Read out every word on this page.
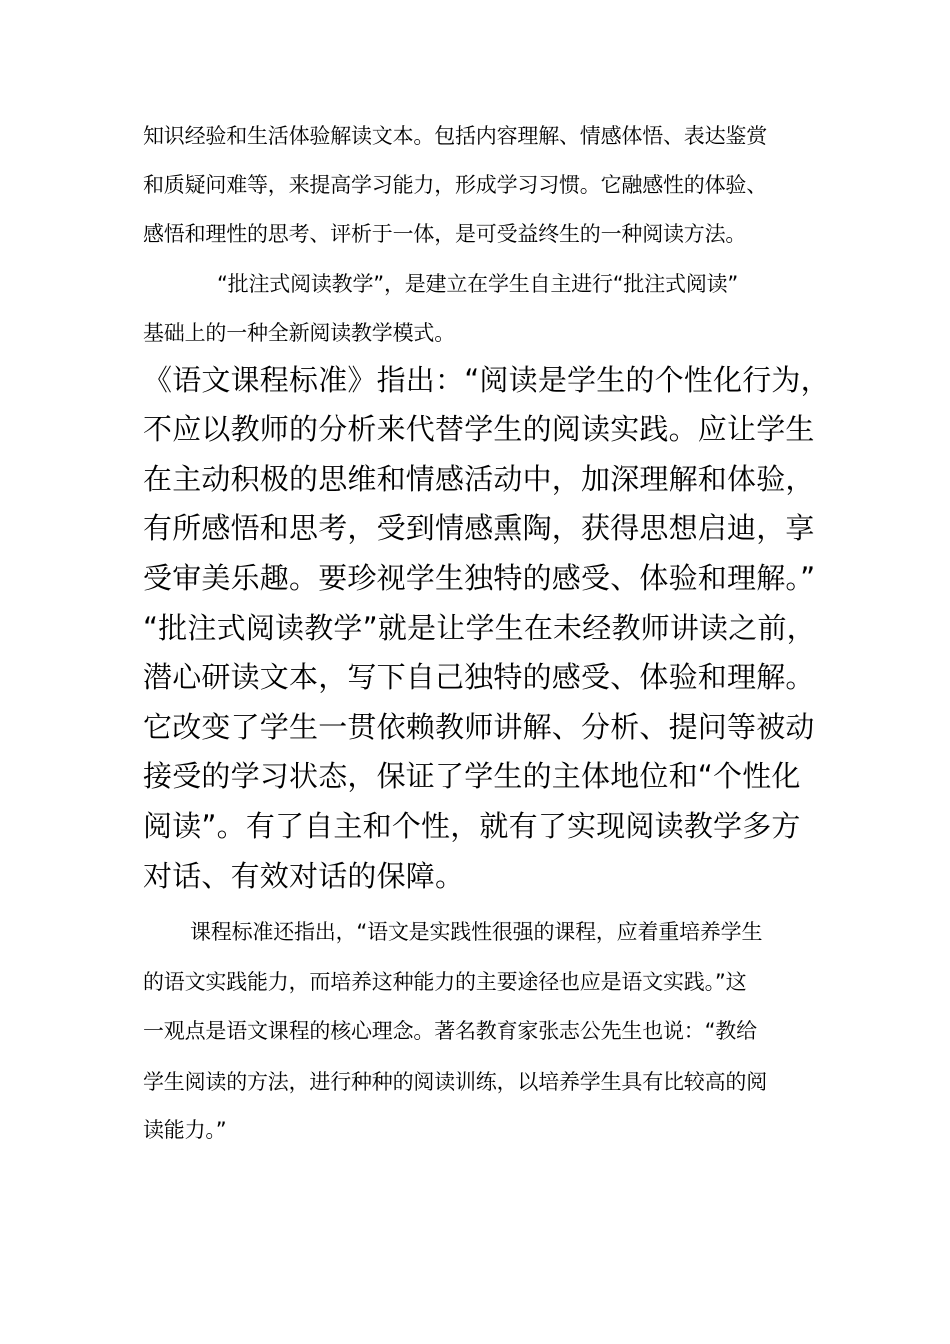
知识经验和生活体验解读文本。包括内容理解、情感体悟、表达鉴赏

和质疑问难等，来提高学习能力，形成学习习惯。它融感性的体验、

感悟和理性的思考、评析于一体，是可受益终生的一种阅读方法。

“批注式阅读教学”，是建立在学生自主进行“批注式阅读”

基础上的一种全新阅读教学模式。

《语文课程标准》指出：“阅读是学生的个性化行为，

不应以教师的分析来代替学生的阅读实践。应让学生

在主动积极的思维和情感活动中，加深理解和体验，

有所感悟和思考，受到情感熏陶，获得思想启迪，享

受审美乐趣。要珍视学生独特的感受、体验和理解。”

“批注式阅读教学”就是让学生在未经教师讲读之前，

潜心研读文本，写下自己独特的感受、体验和理解。

它改变了学生一贯依赖教师讲解、分析、提问等被动

接受的学习状态，保证了学生的主体地位和“个性化

阅读”。有了自主和个性，就有了实现阅读教学多方

对话、有效对话的保障。

课程标准还指出，“语文是实践性很强的课程，应着重培养学生

的语文实践能力，而培养这种能力的主要途径也应是语文实践。”这

一观点是语文课程的核心理念。著名教育家张志公先生也说：“教给

学生阅读的方法，进行种种的阅读训练，以培养学生具有比较高的阅

读能力。”
